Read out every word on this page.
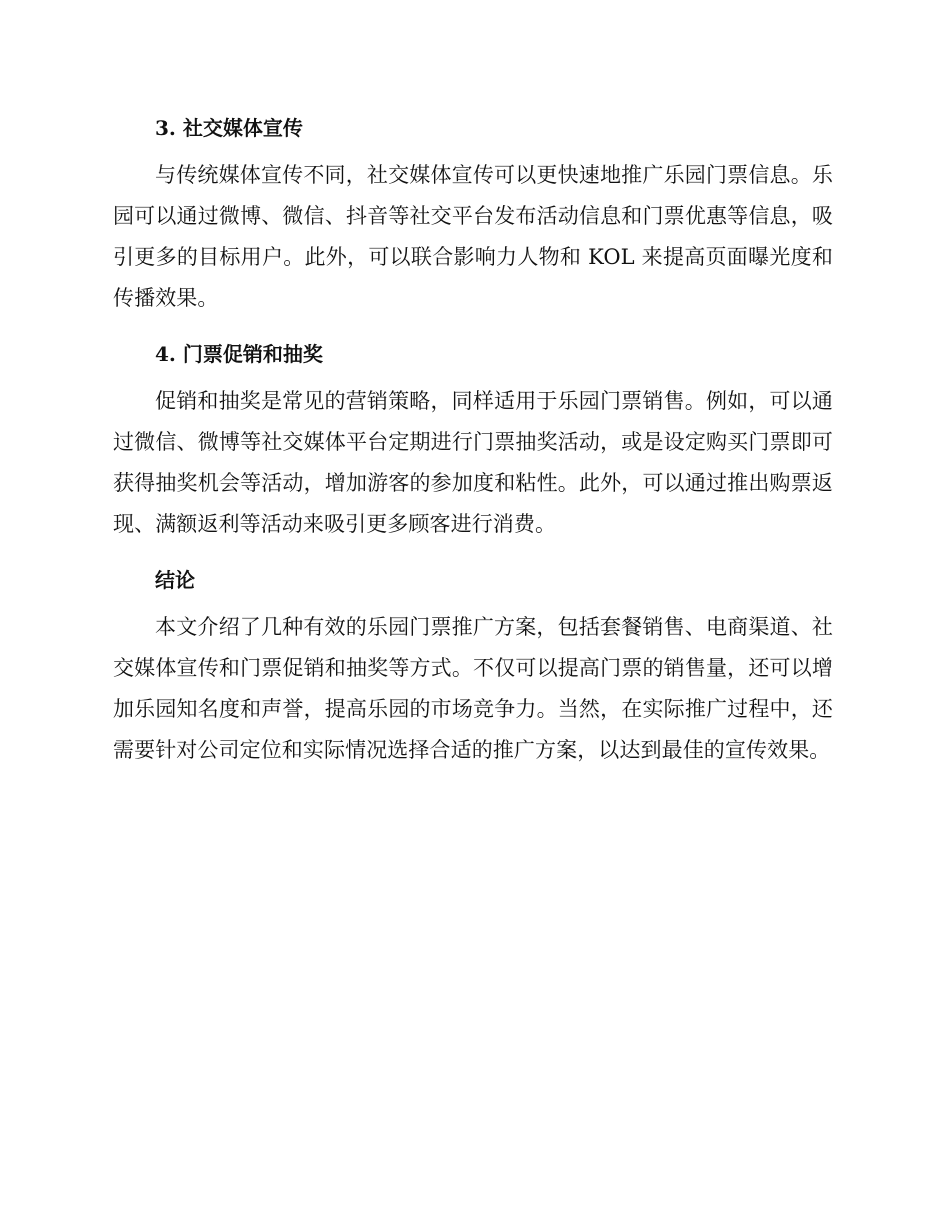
3. 社交媒体宣传

与传统媒体宣传不同，社交媒体宣传可以更快速地推广乐园门票信息。乐园可以通过微博、微信、抖音等社交平台发布活动信息和门票优惠等信息，吸引更多的目标用户。此外，可以联合影响力人物和 KOL 来提高页面曝光度和传播效果。

4. 门票促销和抽奖

促销和抽奖是常见的营销策略，同样适用于乐园门票销售。例如，可以通过微信、微博等社交媒体平台定期进行门票抽奖活动，或是设定购买门票即可获得抽奖机会等活动，增加游客的参加度和粘性。此外，可以通过推出购票返现、满额返利等活动来吸引更多顾客进行消费。

结论

本文介绍了几种有效的乐园门票推广方案，包括套餐销售、电商渠道、社交媒体宣传和门票促销和抽奖等方式。不仅可以提高门票的销售量，还可以增加乐园知名度和声誉，提高乐园的市场竞争力。当然，在实际推广过程中，还需要针对公司定位和实际情况选择合适的推广方案，以达到最佳的宣传效果。
